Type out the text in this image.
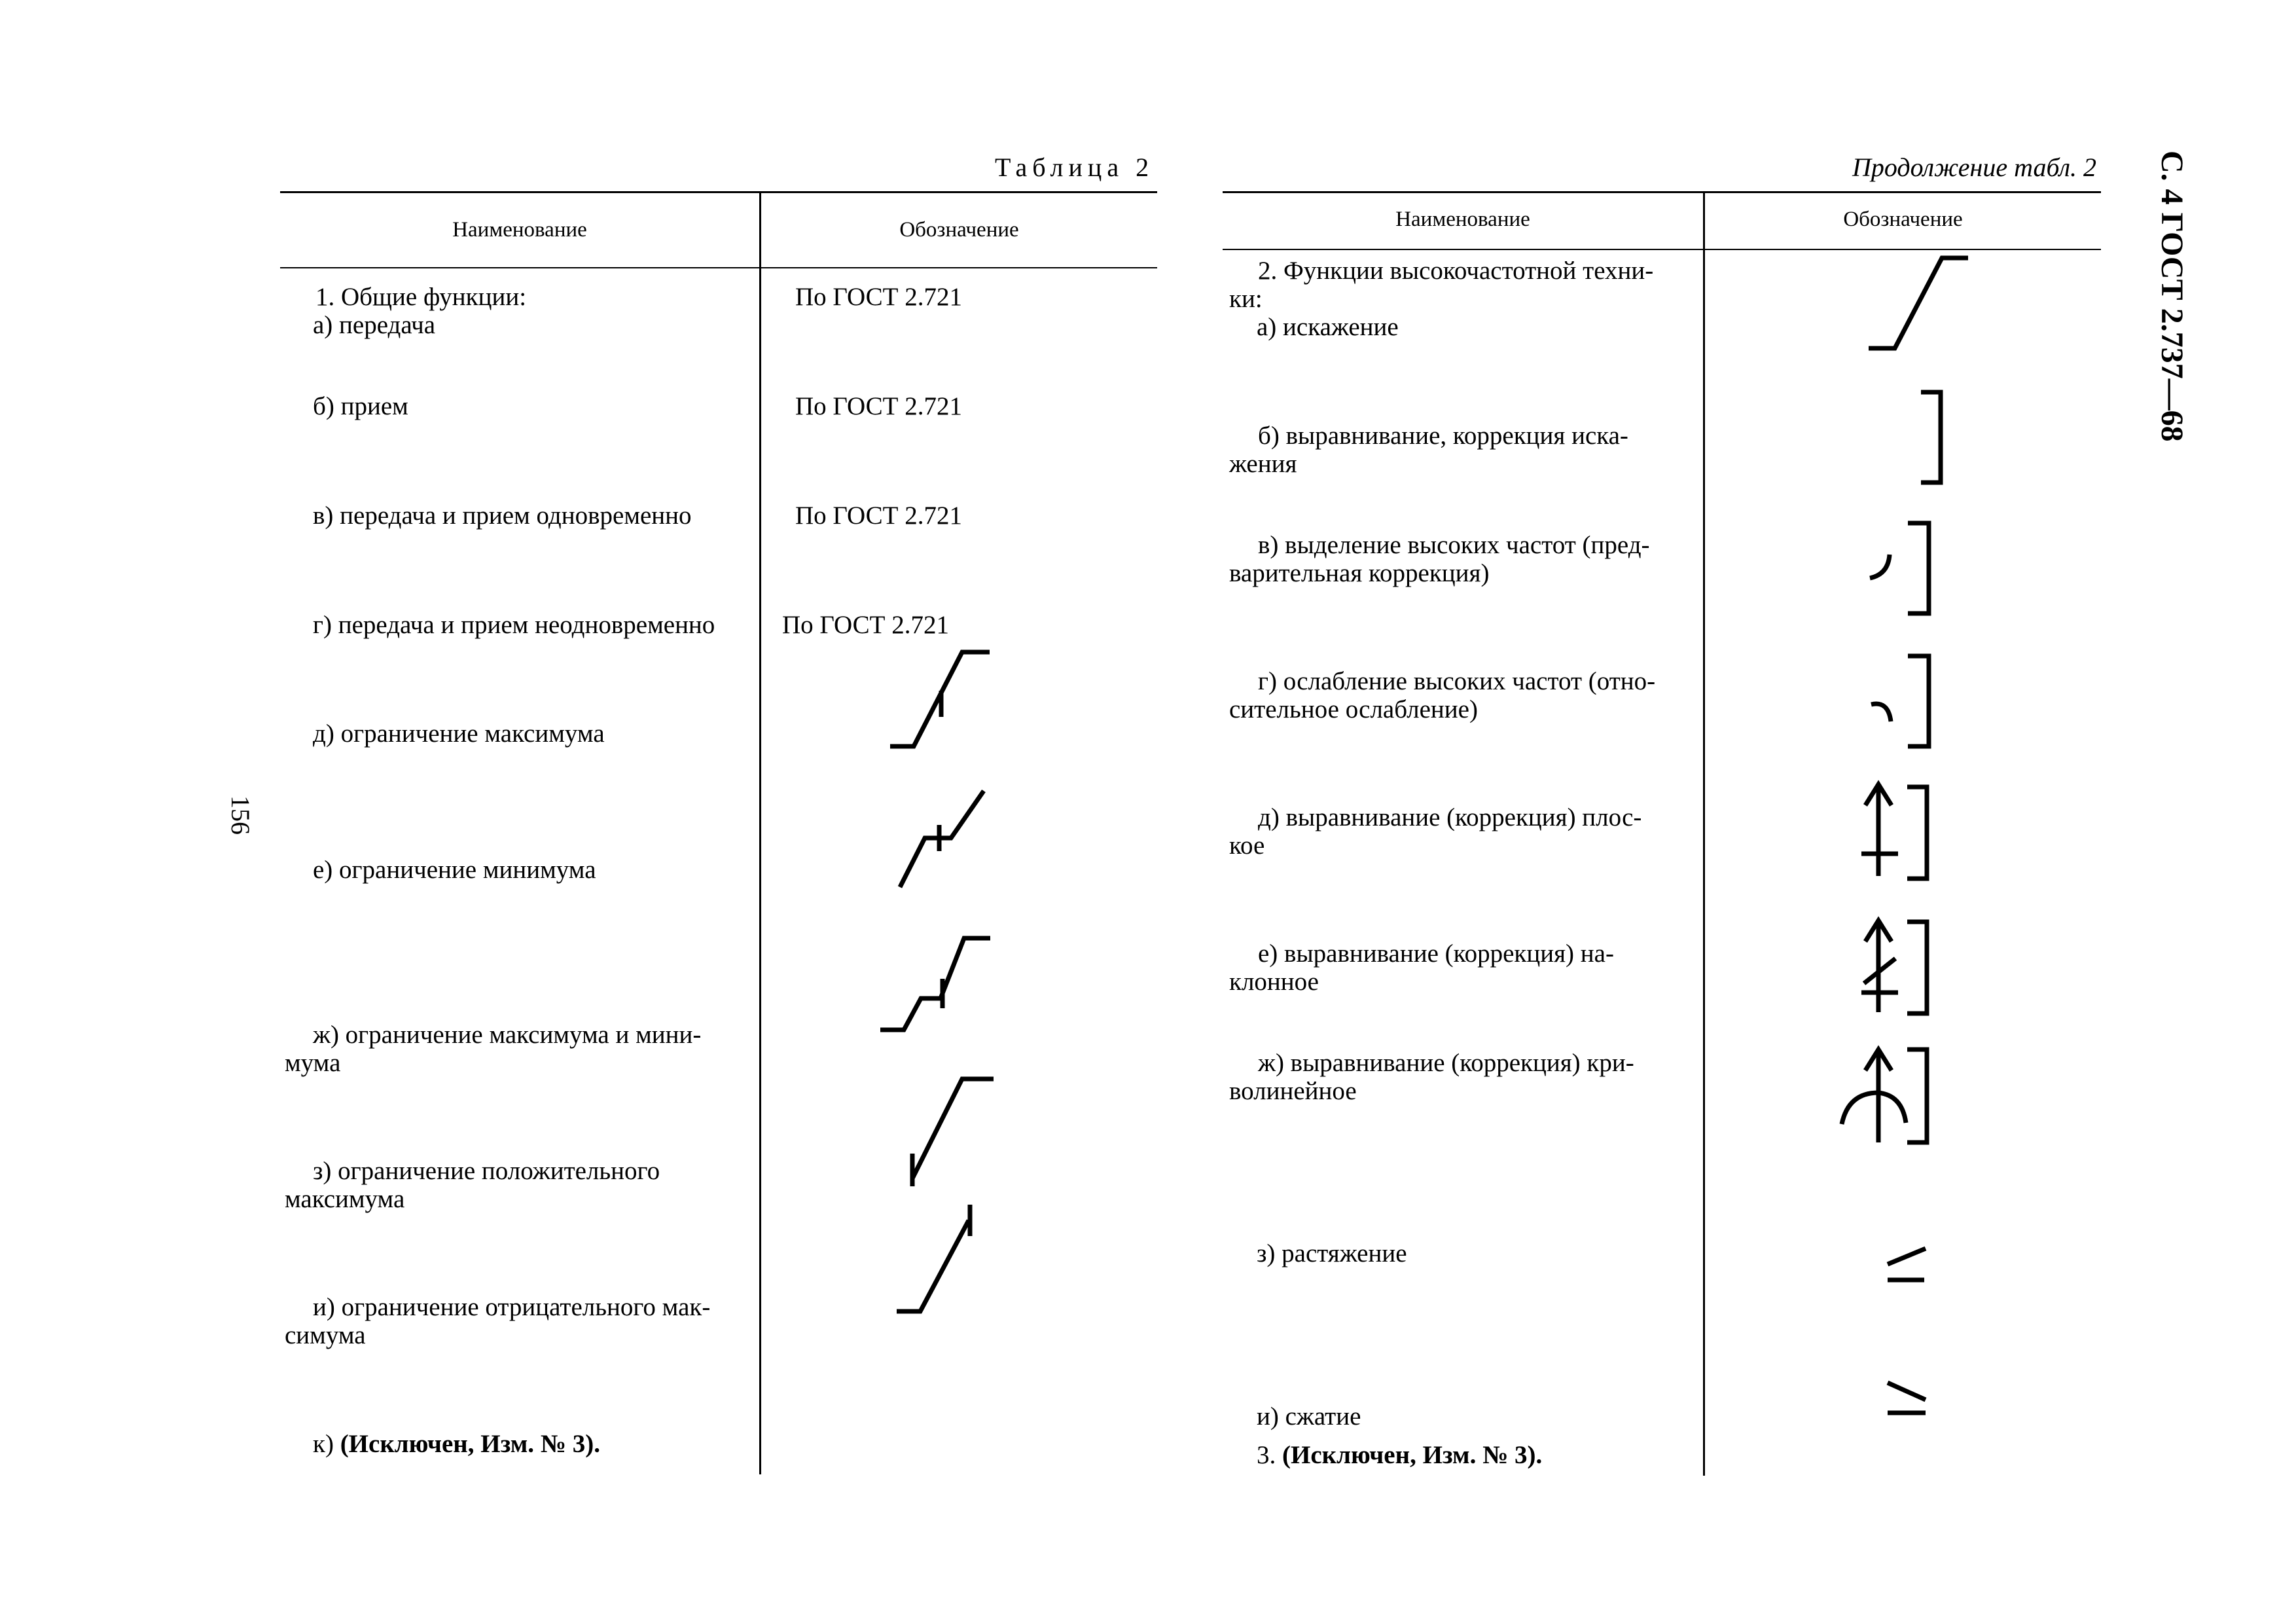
С. 4 ГОСТ 2.737—68
156
Таблица 2
Наименование	Обозначение
1. Общие функции:
а) передача
По ГОСТ 2.721
б) прием	По ГОСТ 2.721
в) передача и прием одновременно	По ГОСТ 2.721
г) передача и прием неодновременно	По ГОСТ 2.721
д) ограничение максимума
е) ограничение минимума
ж) ограничение максимума и мини-
мума
з) ограничение положительного
максимума
и) ограничение отрицательного мак-
симума
к) (Исключен, Изм. № 3).
Продолжение табл. 2
Наименование	Обозначение
2. Функции высокочастотной техни-
ки:
а) искажение
б) выравнивание, коррекция иска-
жения
в) выделение высоких частот (пред-
варительная коррекция)
г) ослабление высоких частот (отно-
сительное ослабление)
д) выравнивание (коррекция) плос-
кое
е) выравнивание (коррекция) на-
клонное
ж) выравнивание (коррекция) кри-
волинейное
з) растяжение
и) сжатие
3. (Исключен, Изм. № 3).
